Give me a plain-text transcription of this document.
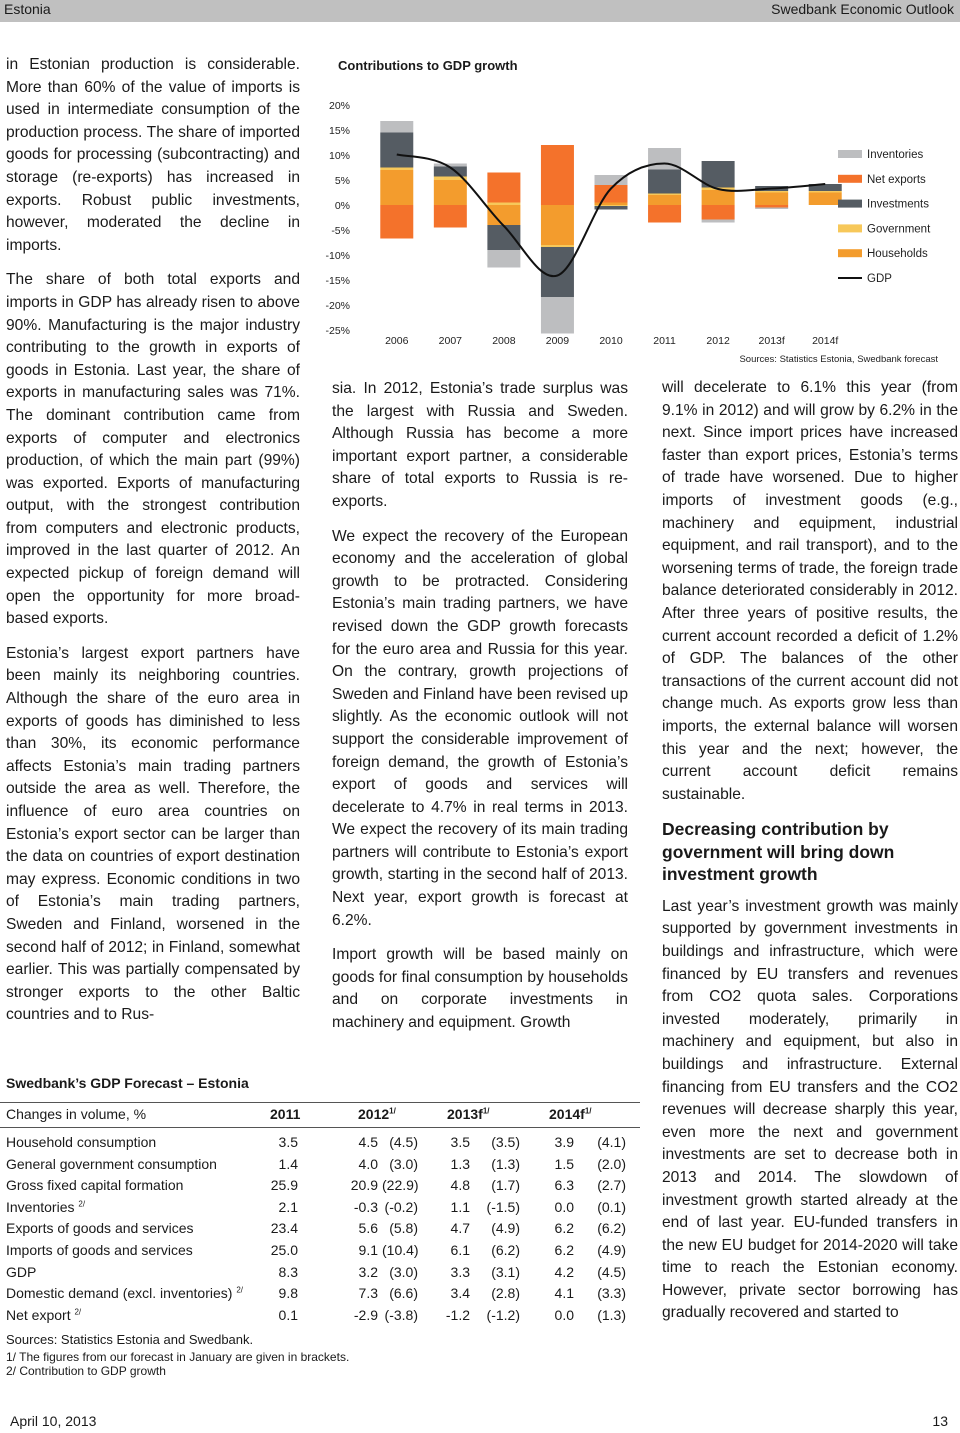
Estonia	Swedbank Economic Outlook

in Estonian production is considerable. More than 60% of the value of imports is used in intermediate consumption of the production process. The share of imported goods for processing (subcontracting) and storage (re-exports) has increased in exports. Robust public investments, however, moderated the decline in imports.

The share of both total exports and imports in GDP has already risen to above 90%. Manufacturing is the major industry contributing to the growth in exports of goods in Estonia. Last year, the share of exports in manufacturing sales was 71%. The dominant contribution came from exports of computer and electronics production, of which the main part (99%) was exported. Exports of manufacturing output, with the strongest contribution from computers and electronic products, improved in the last quarter of 2012. An expected pickup of foreign demand will open the opportunity for more broad-based exports.

Estonia’s largest export partners have been mainly its neighboring countries. Although the share of the euro area in exports of goods has diminished to less than 30%, its economic performance affects Estonia’s main trading partners outside the area as well. Therefore, the influence of euro area countries on Estonia’s export sector can be larger than the data on countries of export destination may express. Economic conditions in two of Estonia’s main trading partners, Sweden and Finland, worsened in the second half of 2012; in Finland, somewhat earlier. This was partially compensated by stronger exports to the other Baltic countries and to Rus-

Contributions to GDP growth
20%
15%
10%
5%
0%
-5%
-10%
-15%
-20%
-25%
2006	2007	2008	2009	2010	2011	2012	2013f	2014f
Inventories
Net exports
Investments
Government
Households
GDP
Sources: Statistics Estonia, Swedbank forecast

sia. In 2012, Estonia’s trade surplus was the largest with Russia and Sweden. Although Russia has become a more important export partner, a considerable share of total exports to Russia is re-exports.

We expect the recovery of the European economy and the acceleration of global growth to be protracted. Considering Estonia’s main trading partners, we have revised down the GDP growth forecasts for the euro area and Russia for this year. On the contrary, growth projections of Sweden and Finland have been revised up slightly. As the economic outlook will not support the considerable improvement of foreign demand, the growth of Estonia’s export of goods and services will decelerate to 4.7% in real terms in 2013. We expect the recovery of its main trading partners will contribute to Estonia’s export growth, starting in the second half of 2013. Next year, export growth is forecast at 6.2%.

Import growth will be based mainly on goods for final consumption by households and on corporate investments in machinery and equipment. Growth

will decelerate to 6.1% this year (from 9.1% in 2012) and will grow by 6.2% in the next. Since import prices have increased faster than export prices, Estonia’s terms of trade have worsened. Due to higher imports of investment goods (e.g., machinery and equipment, industrial equipment, and rail transport), and to the worsening terms of trade, the foreign trade balance deteriorated considerably in 2012. After three years of positive results, the current account recorded a deficit of 1.2% of GDP. The balances of the other transactions of the current account did not change much. As exports grow less than imports, the external balance will worsen this year and the next; however, the current account deficit remains sustainable.

Decreasing contribution by government will bring down investment growth

Last year’s investment growth was mainly supported by government investments in buildings and infrastructure, which were financed by EU transfers and revenues from CO2 quota sales. Corporations invested moderately, primarily in machinery and equipment, but also in buildings and infrastructure. External financing from EU transfers and the CO2 revenues will decrease sharply this year, even more the next and government investments are set to decrease both in 2013 and 2014. The slowdown of investment growth started already at the end of last year. EU-funded transfers in the new EU budget for 2014-2020 will take time to reach the Estonian economy. However, private sector borrowing has gradually recovered and started to

Swedbank’s GDP Forecast – Estonia
Changes in volume, %	2011	$2012^{1/}$	$2013f^{1/}$	$2014f^{1/}$
Household consumption	3.5	4.5 (4.5)	3.5	(3.5)	3.9	(4.1)
General government consumption	1.4	4.0 (3.0)	1.3	(1.3)	1.5	(2.0)
Gross fixed capital formation	25.9	20.9 (22.9)	4.8	(1.7)	6.3	(2.7)
Inventories $^{2/}$	2.1	-0.3 (-0.2)	1.1	(-1.5)	0.0	(0.1)
Exports of goods and services	23.4	5.6 (5.8)	4.7	(4.9)	6.2	(6.2)
Imports of goods and services	25.0	9.1 (10.4)	6.1	(6.2)	6.2	(4.9)
GDP	8.3	3.2 (3.0)	3.3	(3.1)	4.2	(4.5)
Domestic demand (excl. inventories) $^{2/}$	9.8	7.3 (6.6)	3.4	(2.8)	4.1	(3.3)
Net export $^{2/}$	0.1	-2.9 (-3.8)	-1.2	(-1.2)	0.0	(1.3)
Sources: Statistics Estonia and Swedbank.
1/ The figures from our forecast in January are given in brackets.
2/ Contribution to GDP growth
April 10, 2013	13
